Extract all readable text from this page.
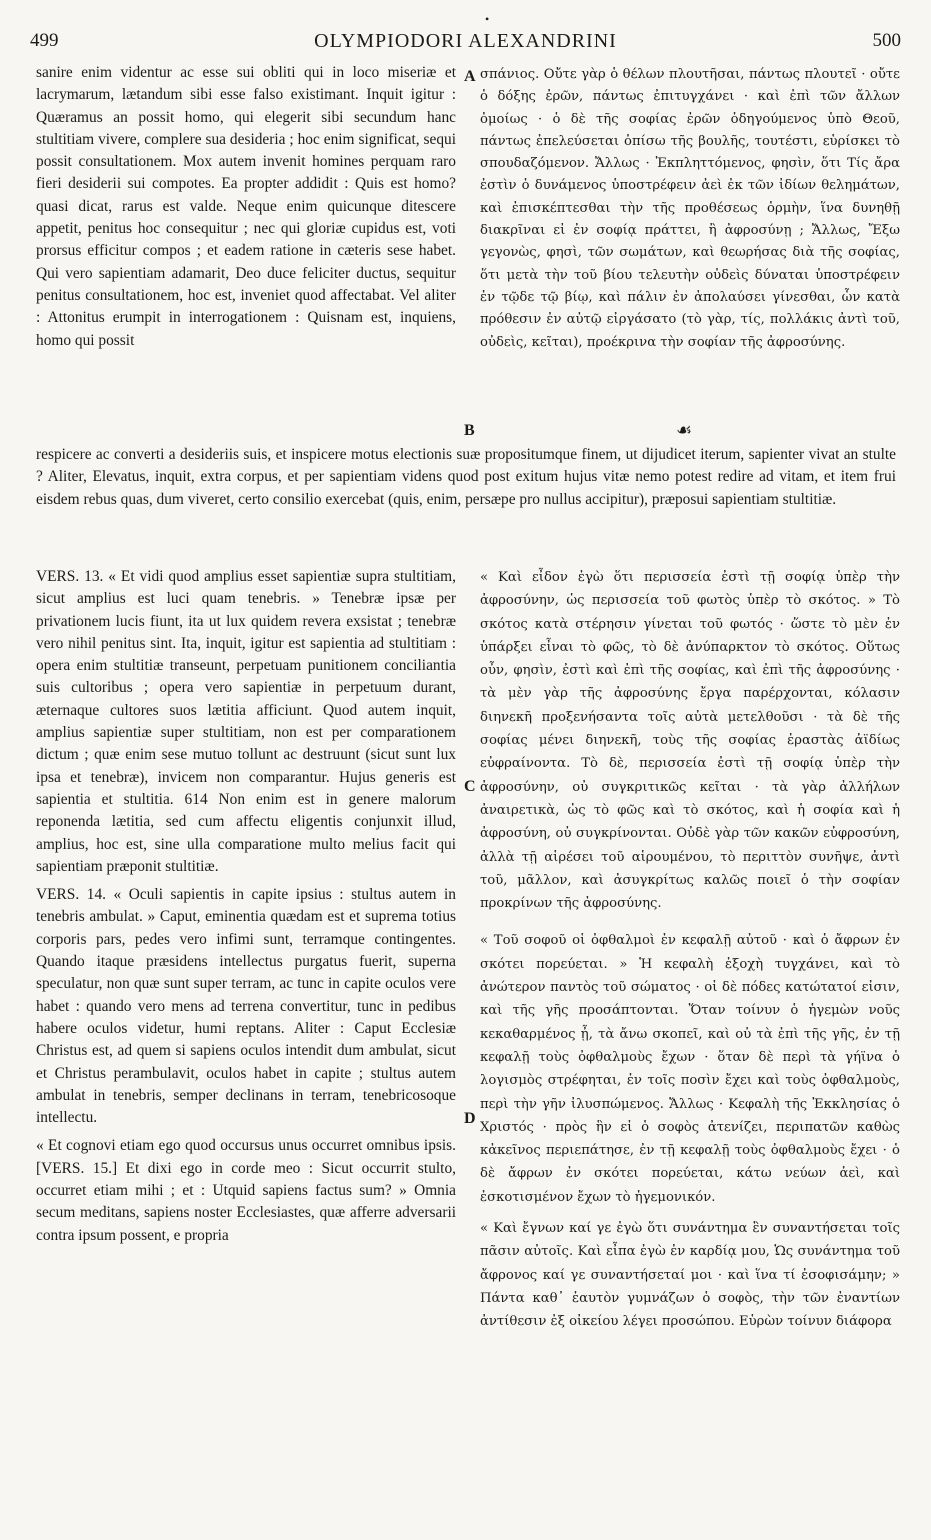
•
499	OLYMPIODORI ALEXANDRINI	500

sanire enim videntur ac esse sui obliti qui in loco miseriæ et lacrymarum, lætandum sibi esse falso existimant. Inquit igitur : Quæramus an possit homo, qui elegerit sibi secundum hanc stultitiam vivere, complere sua desideria ; hoc enim significat, sequi possit consultationem. Mox autem invenit homines perquam raro fieri desiderii sui compotes. Ea propter addidit : Quis est homo? quasi dicat, rarus est valde. Neque enim quicunque ditescere appetit, penitus hoc consequitur ; nec qui gloriæ cupidus est, voti prorsus efficitur compos ; et eadem ratione in cæteris sese habet. Qui vero sapientiam adamarit, Deo duce feliciter ductus, sequitur penitus consultationem, hoc est, inveniet quod affectabat. Vel aliter : Attonitus erumpit in interrogationem : Quisnam est, inquiens, homo qui possit

σπάνιος. Οὔτε γὰρ ὁ θέλων πλουτῆσαι, πάντως πλουτεῖ · οὔτε ὁ δόξης ἐρῶν, πάντως ἐπιτυγχάνει · καὶ ἐπὶ τῶν ἄλλων ὁμοίως · ὁ δὲ τῆς σοφίας ἐρῶν ὁδηγούμενος ὑπὸ Θεοῦ, πάντως ἐπελεύσεται ὀπίσω τῆς βουλῆς, τουτέστι, εὑρίσκει τὸ σπουδαζόμενον. Ἄλλως · Ἐκπληττόμενος, φησὶν, ὅτι Τίς ἄρα ἐστὶν ὁ δυνάμενος ὑποστρέφειν ἀεὶ ἐκ τῶν ἰδίων θελημάτων, καὶ ἐπισκέπτεσθαι τὴν τῆς προθέσεως ὁρμὴν, ἵνα δυνηθῇ διακρῖναι εἰ ἐν σοφίᾳ πράττει, ἢ ἀφροσύνῃ ; Ἄλλως, Ἔξω γεγονὼς, φησὶ, τῶν σωμάτων, καὶ θεωρήσας διὰ τῆς σοφίας, ὅτι μετὰ τὴν τοῦ βίου τελευτὴν οὐδεὶς δύναται ὑποστρέφειν ἐν τῷδε τῷ βίῳ, καὶ πάλιν ἐν ἀπολαύσει γίνεσθαι, ὧν κατὰ πρόθεσιν ἐν αὐτῷ εἰργάσατο (τὸ γὰρ, τίς, πολλάκις ἀντὶ τοῦ, οὐδεὶς, κεῖται), προέκρινα τὴν σοφίαν τῆς ἀφροσύνης.

A
B	☙

respicere ac converti a desideriis suis, et inspicere motus electionis suæ propositumque finem, ut dijudicet iterum, sapienter vivat an stulte ? Aliter, Elevatus, inquit, extra corpus, et per sapientiam videns quod post exitum hujus vitæ nemo potest redire ad vitam, et item frui eisdem rebus quas, dum viveret, certo consilio exercebat (quis, enim, persæpe pro nullus accipitur), præposui sapientiam stultitiæ.

VERS. 13. « Et vidi quod amplius esset sapientiæ supra stultitiam, sicut amplius est luci quam tenebris. » Tenebræ ipsæ per privationem lucis fiunt, ita ut lux quidem revera exsistat ; tenebræ vero nihil penitus sint. Ita, inquit, igitur est sapientia ad stultitiam : opera enim stultitiæ transeunt, perpetuam punitionem conciliantia suis cultoribus ; opera vero sapientiæ in perpetuum durant, æternaque cultores suos lætitia afficiunt. Quod autem inquit, amplius sapientiæ super stultitiam, non est per comparationem dictum ; quæ enim sese mutuo tollunt ac destruunt (sicut sunt lux ipsa et tenebræ), invicem non comparantur. Hujus generis est sapientia et stultitia. 614 Non enim est in genere malorum reponenda lætitia, sed cum affectu eligentis conjunxit illud, amplius, hoc est, sine ulla comparatione multo melius facit qui sapientiam præponit stultitiæ.

VERS. 14. « Oculi sapientis in capite ipsius : stultus autem in tenebris ambulat. » Caput, eminentia quædam est et suprema totius corporis pars, pedes vero infimi sunt, terramque contingentes. Quando itaque præsidens intellectus purgatus fuerit, superna speculatur, non quæ sunt super terram, ac tunc in capite oculos vere habet : quando vero mens ad terrena convertitur, tunc in pedibus habere oculos videtur, humi reptans. Aliter : Caput Ecclesiæ Christus est, ad quem si sapiens oculos intendit dum ambulat, sicut et Christus perambulavit, oculos habet in capite ; stultus autem ambulat in tenebris, semper declinans in terram, tenebricosoque intellectu.

« Et cognovi etiam ego quod occursus unus occurret omnibus ipsis. [VERS. 15.] Et dixi ego in corde meo : Sicut occurrit stulto, occurret etiam mihi ; et : Utquid sapiens factus sum? » Omnia secum meditans, sapiens noster Ecclesiastes, quæ afferre adversarii contra ipsum possent, e propria

C
D

« Καὶ εἶδον ἐγὼ ὅτι περισσεία ἐστὶ τῇ σοφίᾳ ὑπὲρ τὴν ἀφροσύνην, ὡς περισσεία τοῦ φωτὸς ὑπὲρ τὸ σκότος. » Τὸ σκότος κατὰ στέρησιν γίνεται τοῦ φωτός · ὥστε τὸ μὲν ἐν ὑπάρξει εἶναι τὸ φῶς, τὸ δὲ ἀνύπαρκτον τὸ σκότος. Οὕτως οὖν, φησὶν, ἐστὶ καὶ ἐπὶ τῆς σοφίας, καὶ ἐπὶ τῆς ἀφροσύνης · τὰ μὲν γὰρ τῆς ἀφροσύνης ἔργα παρέρχονται, κόλασιν διηνεκῆ προξενήσαντα τοῖς αὐτὰ μετελθοῦσι · τὰ δὲ τῆς σοφίας μένει διηνεκῆ, τοὺς τῆς σοφίας ἐραστὰς ἀϊδίως εὐφραίνοντα. Τὸ δὲ, περισσεία ἐστὶ τῇ σοφίᾳ ὑπὲρ τὴν ἀφροσύνην, οὐ συγκριτικῶς κεῖται · τὰ γὰρ ἀλλήλων ἀναιρετικὰ, ὡς τὸ φῶς καὶ τὸ σκότος, καὶ ἡ σοφία καὶ ἡ ἀφροσύνη, οὐ συγκρίνονται. Οὐδὲ γὰρ τῶν κακῶν εὐφροσύνη, ἀλλὰ τῇ αἱρέσει τοῦ αἱρουμένου, τὸ περιττὸν συνῆψε, ἀντὶ τοῦ, μᾶλλον, καὶ ἀσυγκρίτως καλῶς ποιεῖ ὁ τὴν σοφίαν προκρίνων τῆς ἀφροσύνης.

« Τοῦ σοφοῦ οἱ ὀφθαλμοὶ ἐν κεφαλῇ αὐτοῦ · καὶ ὁ ἄφρων ἐν σκότει πορεύεται. » Ἡ κεφαλὴ ἐξοχὴ τυγχάνει, καὶ τὸ ἀνώτερον παντὸς τοῦ σώματος · οἱ δὲ πόδες κατώτατοί εἰσιν, καὶ τῆς γῆς προσάπτονται. Ὅταν τοίνυν ὁ ἡγεμὼν νοῦς κεκαθαρμένος ᾖ, τὰ ἄνω σκοπεῖ, καὶ οὐ τὰ ἐπὶ τῆς γῆς, ἐν τῇ κεφαλῇ τοὺς ὀφθαλμοὺς ἔχων · ὅταν δὲ περὶ τὰ γήϊνα ὁ λογισμὸς στρέφηται, ἐν τοῖς ποσὶν ἔχει καὶ τοὺς ὀφθαλμοὺς, περὶ τὴν γῆν ἰλυσπώμενος. Ἄλλως · Κεφαλὴ τῆς Ἐκκλησίας ὁ Χριστός · πρὸς ἣν εἰ ὁ σοφὸς ἀτενίζει, περιπατῶν καθὼς κἀκεῖνος περιεπάτησε, ἐν τῇ κεφαλῇ τοὺς ὀφθαλμοὺς ἔχει · ὁ δὲ ἄφρων ἐν σκότει πορεύεται, κάτω νεύων ἀεὶ, καὶ ἐσκοτισμένον ἔχων τὸ ἡγεμονικόν.

« Καὶ ἔγνων καί γε ἐγὼ ὅτι συνάντημα ἓν συναντήσεται τοῖς πᾶσιν αὐτοῖς. Καὶ εἶπα ἐγὼ ἐν καρδίᾳ μου, Ὡς συνάντημα τοῦ ἄφρονος καί γε συναντήσεταί μοι · καὶ ἵνα τί ἐσοφισάμην; » Πάντα καθ᾽ ἑαυτὸν γυμνάζων ὁ σοφὸς, τὴν τῶν ἐναντίων ἀντίθεσιν ἐξ οἰκείου λέγει προσώπου. Εὑρὼν τοίνυν διάφορα
